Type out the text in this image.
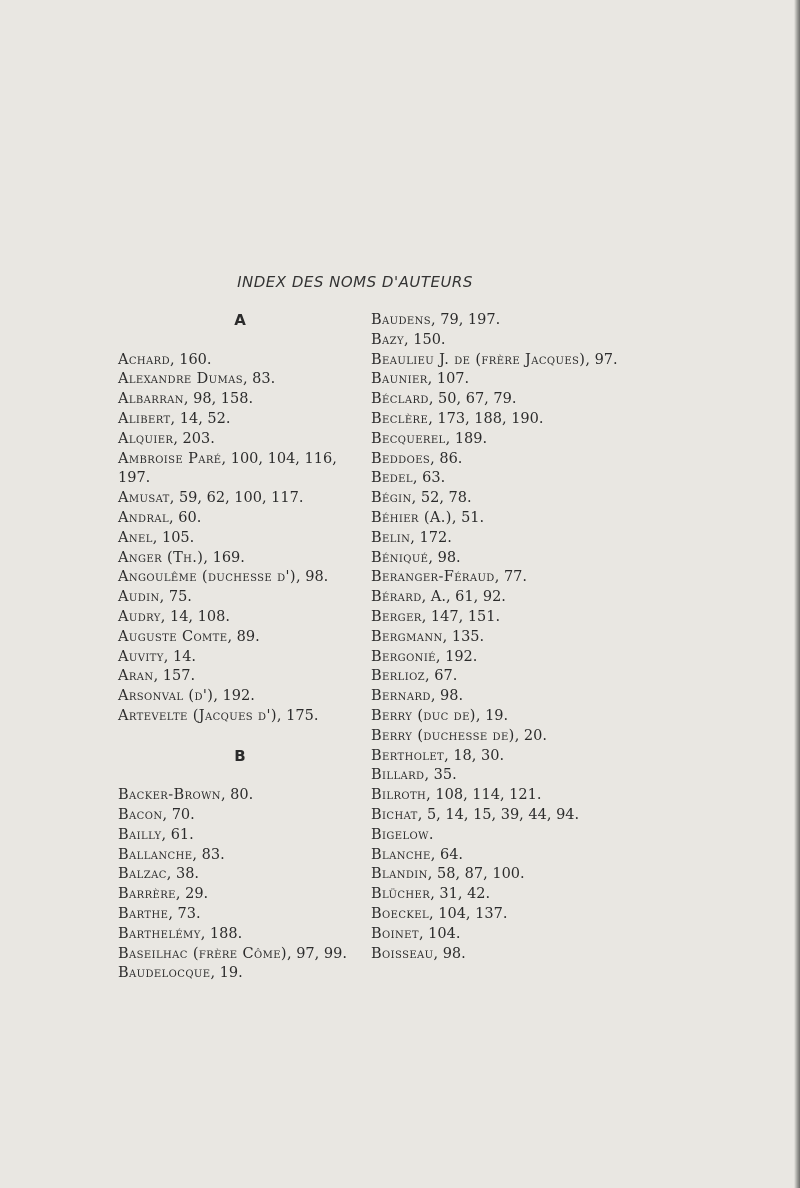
INDEX DES NOMS D'AUTEURS
A
Achard, 160.
Alexandre Dumas, 83.
Albarran, 98, 158.
Alibert, 14, 52.
Alquier, 203.
Ambroise Paré, 100, 104, 116, 197.
Amusat, 59, 62, 100, 117.
Andral, 60.
Anel, 105.
Anger (Th.), 169.
Angoulême (duchesse d'), 98.
Audin, 75.
Audry, 14, 108.
Auguste Comte, 89.
Auvity, 14.
Aran, 157.
Arsonval (d'), 192.
Artevelte (Jacques d'), 175.
B
Backer-Brown, 80.
Bacon, 70.
Bailly, 61.
Ballanche, 83.
Balzac, 38.
Barrère, 29.
Barthe, 73.
Barthelémy, 188.
Baseilhac (frère Côme), 97, 99.
Baudelocque, 19.
Baudens, 79, 197.
Bazy, 150.
Beaulieu J. de (frère Jacques), 97.
Baunier, 107.
Béclard, 50, 67, 79.
Beclère, 173, 188, 190.
Becquerel, 189.
Beddoes, 86.
Bedel, 63.
Bégin, 52, 78.
Béhier (A.), 51.
Belin, 172.
Béniqué, 98.
Beranger-Féraud, 77.
Bérard, A., 61, 92.
Berger, 147, 151.
Bergmann, 135.
Bergonié, 192.
Berlioz, 67.
Bernard, 98.
Berry (duc de), 19.
Berry (duchesse de), 20.
Bertholet, 18, 30.
Billard, 35.
Bilroth, 108, 114, 121.
Bichat, 5, 14, 15, 39, 44, 94.
Bigelow.
Blanche, 64.
Blandin, 58, 87, 100.
Blücher, 31, 42.
Boeckel, 104, 137.
Boinet, 104.
Boisseau, 98.
